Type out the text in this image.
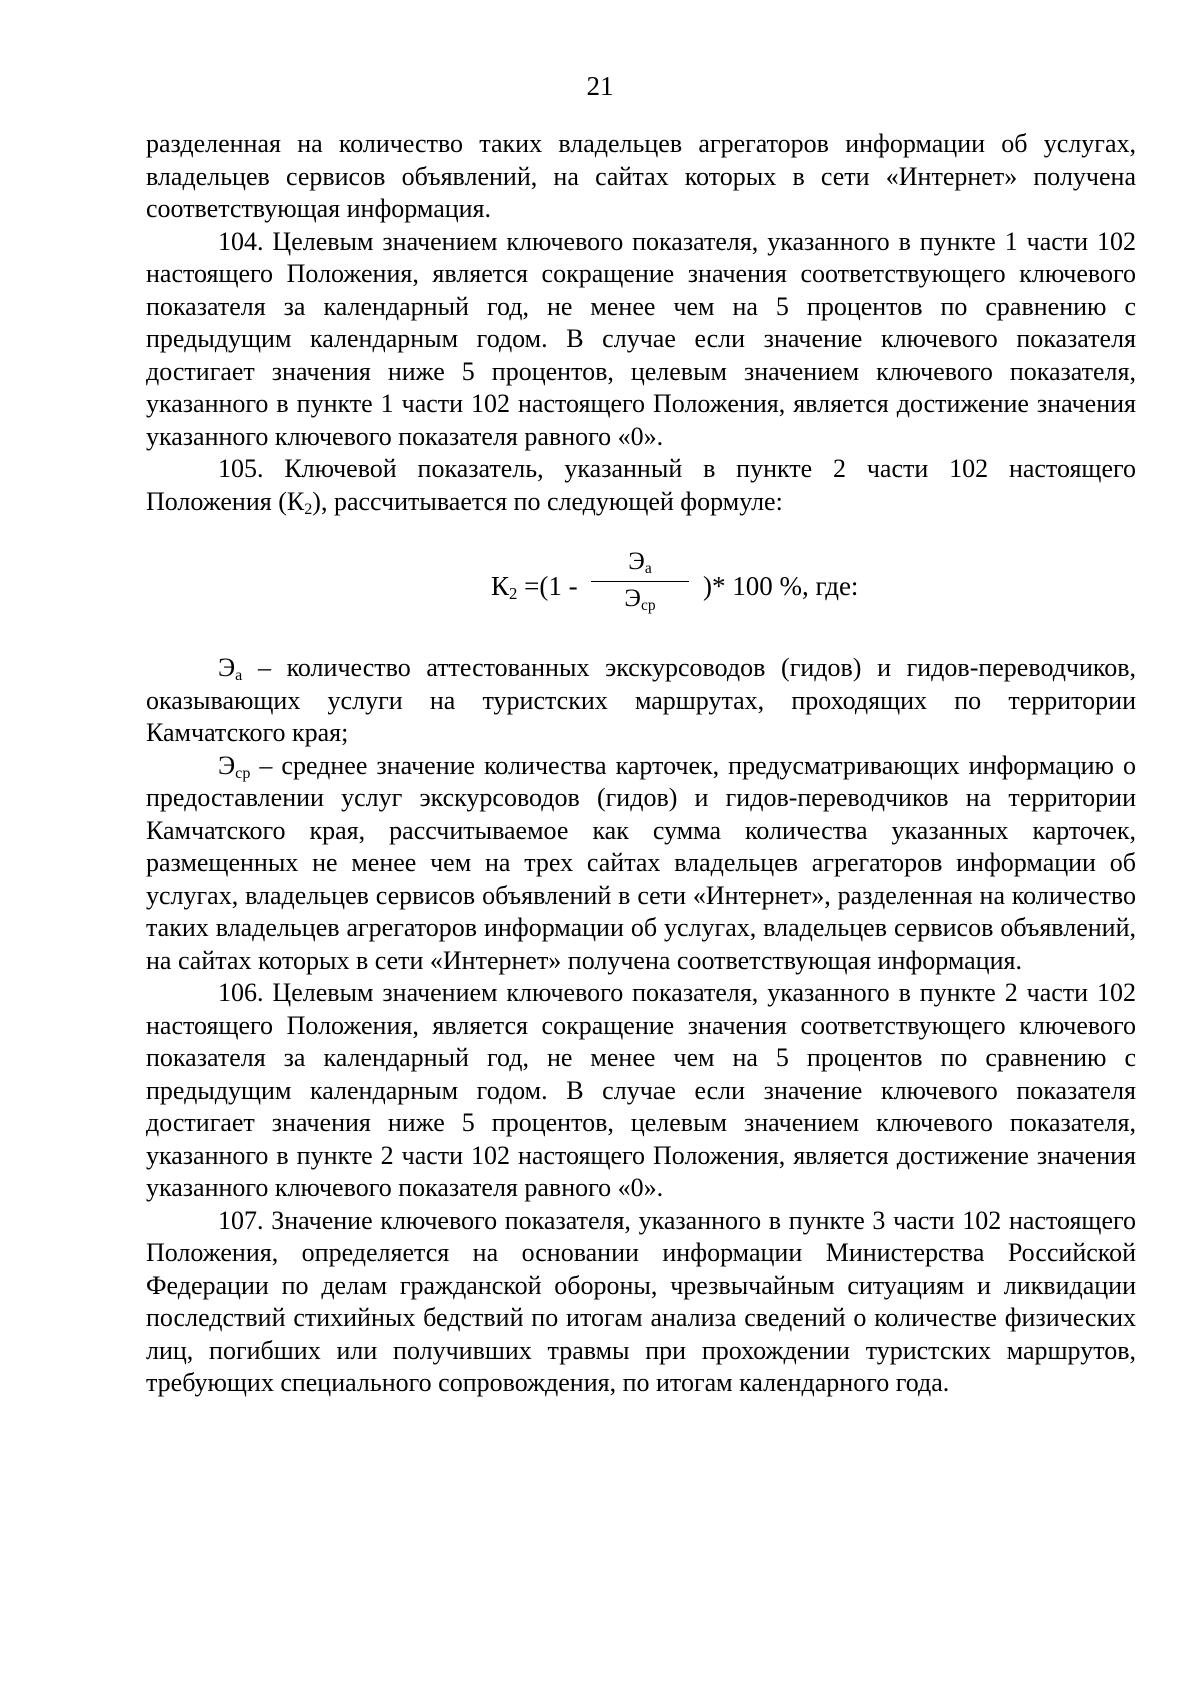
21

разделенная на количество таких владельцев агрегаторов информации об услугах, владельцев сервисов объявлений, на сайтах которых в сети «Интернет» получена соответствующая информация.

104. Целевым значением ключевого показателя, указанного в пункте 1 части 102 настоящего Положения, является сокращение значения соответствующего ключевого показателя за календарный год, не менее чем на 5 процентов по сравнению с предыдущим календарным годом. В случае если значение ключевого показателя достигает значения ниже 5 процентов, целевым значением ключевого показателя, указанного в пункте 1 части 102 настоящего Положения, является достижение значения указанного ключевого показателя равного «0».

105. Ключевой показатель, указанный в пункте 2 части 102 настоящего Положения $(К_2)$, рассчитывается по следующей формуле:

$К_2 =(1$ -
$Э_а$
$Э_{ср}$
)* 100 %, где:

$Э_а$ – количество аттестованных экскурсоводов (гидов) и гидов-переводчиков, оказывающих услуги на туристских маршрутах, проходящих по территории Камчатского края;

$Э_{ср}$ – среднее значение количества карточек, предусматривающих информацию о предоставлении услуг экскурсоводов (гидов) и гидов-переводчиков на территории Камчатского края, рассчитываемое как сумма количества указанных карточек, размещенных не менее чем на трех сайтах владельцев агрегаторов информации об услугах, владельцев сервисов объявлений в сети «Интернет», разделенная на количество таких владельцев агрегаторов информации об услугах, владельцев сервисов объявлений, на сайтах которых в сети «Интернет» получена соответствующая информация.

106. Целевым значением ключевого показателя, указанного в пункте 2 части 102 настоящего Положения, является сокращение значения соответствующего ключевого показателя за календарный год, не менее чем на 5 процентов по сравнению с предыдущим календарным годом. В случае если значение ключевого показателя достигает значения ниже 5 процентов, целевым значением ключевого показателя, указанного в пункте 2 части 102 настоящего Положения, является достижение значения указанного ключевого показателя равного «0».

107. Значение ключевого показателя, указанного в пункте 3 части 102 настоящего Положения, определяется на основании информации Министерства Российской Федерации по делам гражданской обороны, чрезвычайным ситуациям и ликвидации последствий стихийных бедствий по итогам анализа сведений о количестве физических лиц, погибших или получивших травмы при прохождении туристских маршрутов, требующих специального сопровождения, по итогам календарного года.
